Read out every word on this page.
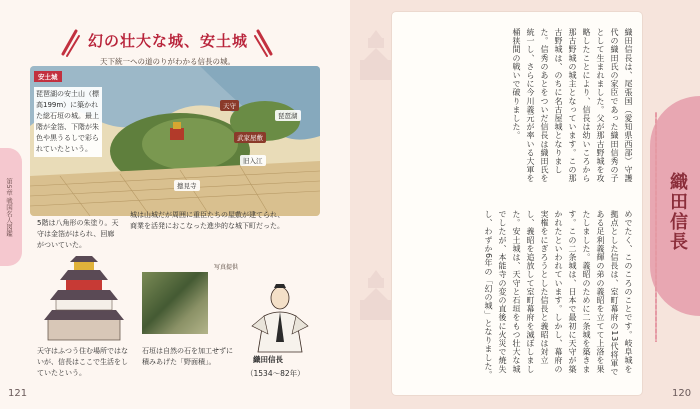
第5章 戦国名人図鑑
幻の壮大な城、安土城
天下統一への道のりがわかる信長の城。
安土城
琵琶湖の安土山（標高199m）に築かれた総石垣の城。最上階が金箔、下階が朱色や黒うるしで彩られていたという。
天守
武家屋敷
琵琶湖
旧入江
摠見寺
城は山城だが周囲に重臣たちの屋敷が建てられ、商業を活発におこなった進歩的な城下町だった。
5階は八角形の朱塗り。天守は金箔がはられ、回廊がついていた。
写真提供
天守はふつう住む場所ではないが、信長はここで生活をしていたという。
石垣は自然の石を加工せずに積みあげた「野面積」。	織田信長
（1534～82年）
121
織田信長は、尾張国（愛知県西部）守護代の織田氏の家臣であった織田信秀の子として生まれました。父が那古野城を攻略したことにより、信長は幼いころから那古野城の城主となっています。この那古野城は、のちに名古屋城となりました。信秀のあとをついだ信長は織田氏を統一し、さらに今川義元が率いる大軍を桶狭間の戦いで破りました。
めでたく、このころのことです。岐阜城を拠点とした信長は、室町幕府の13代将軍である足利義輝の弟の義昭を立てて上洛を果たしました。義昭のために二条城を築きます。この二条城は、日本で最初に天守が築かれたといわれています。しかし、幕府の実権をにぎろうとした信長と義昭は対立し、義昭を追放して室町幕府を滅ぼしました。安土城は、天守と石垣をもつ壮大な城でしたが、本能寺の変の直後に火災で焼失し、わずか6年の「幻の城」となりました。	織田信長
120
